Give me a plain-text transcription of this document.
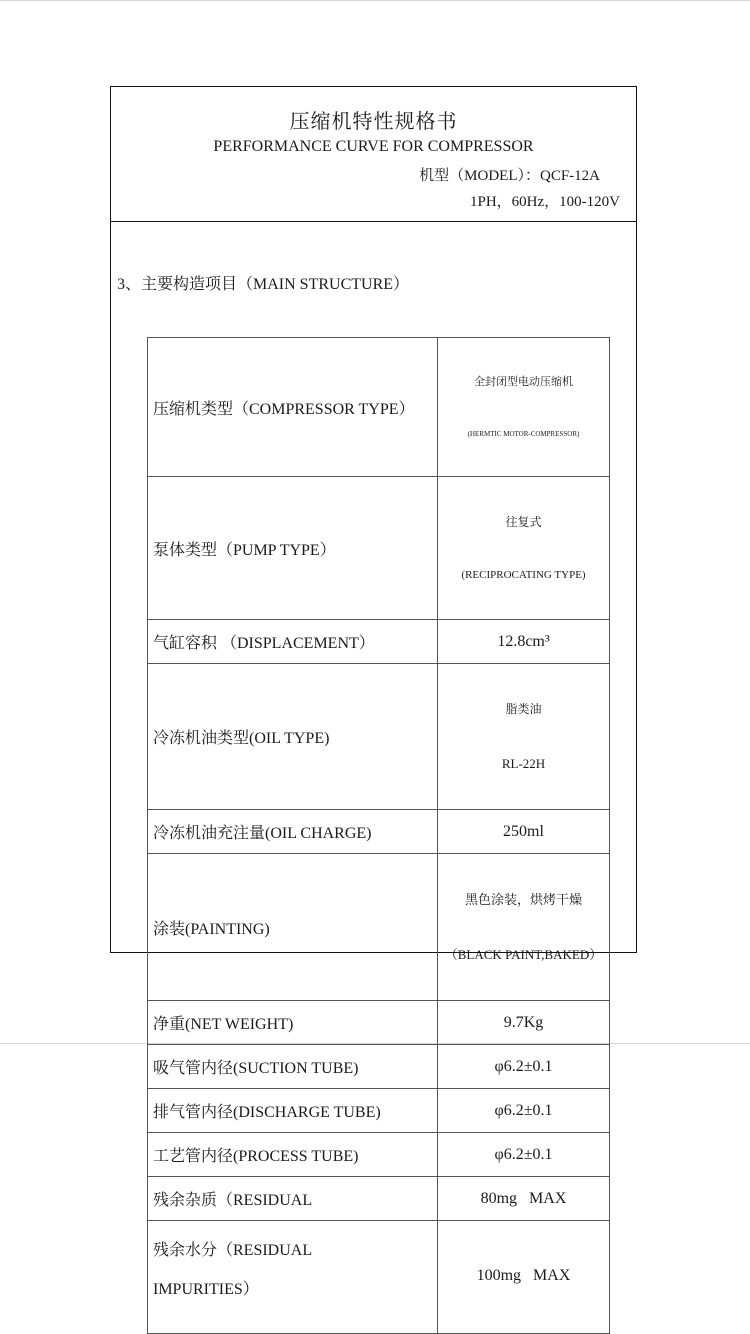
压缩机特性规格书
PERFORMANCE CURVE FOR COMPRESSOR
机型（MODEL）：QCF-12A
1PH，60Hz，100-120V
3、主要构造项目（MAIN STRUCTURE）
压缩机类型（COMPRESSOR TYPE）	全封闭型电动压缩机

(HERMTIC MOTOR-COMPRESSOR)

泵体类型（PUMP TYPE）	往复式

(RECIPROCATING TYPE)

气缸容积 （DISPLACEMENT）	12.8cm³
冷冻机油类型(OIL TYPE)	脂类油

RL-22H

冷冻机油充注量(OIL CHARGE)	250ml
涂装(PAINTING)	黑色涂装，烘烤干燥

（BLACK PAINT,BAKED）

净重(NET WEIGHT)	9.7Kg
吸气管内径(SUCTION TUBE)	φ6.2±0.1
排气管内径(DISCHARGE TUBE)	φ6.2±0.1
工艺管内径(PROCESS TUBE)	φ6.2±0.1
残余杂质（RESIDUAL	80mg   MAX

残余水分（RESIDUAL
IMPURITIES）	100mg   MAX
